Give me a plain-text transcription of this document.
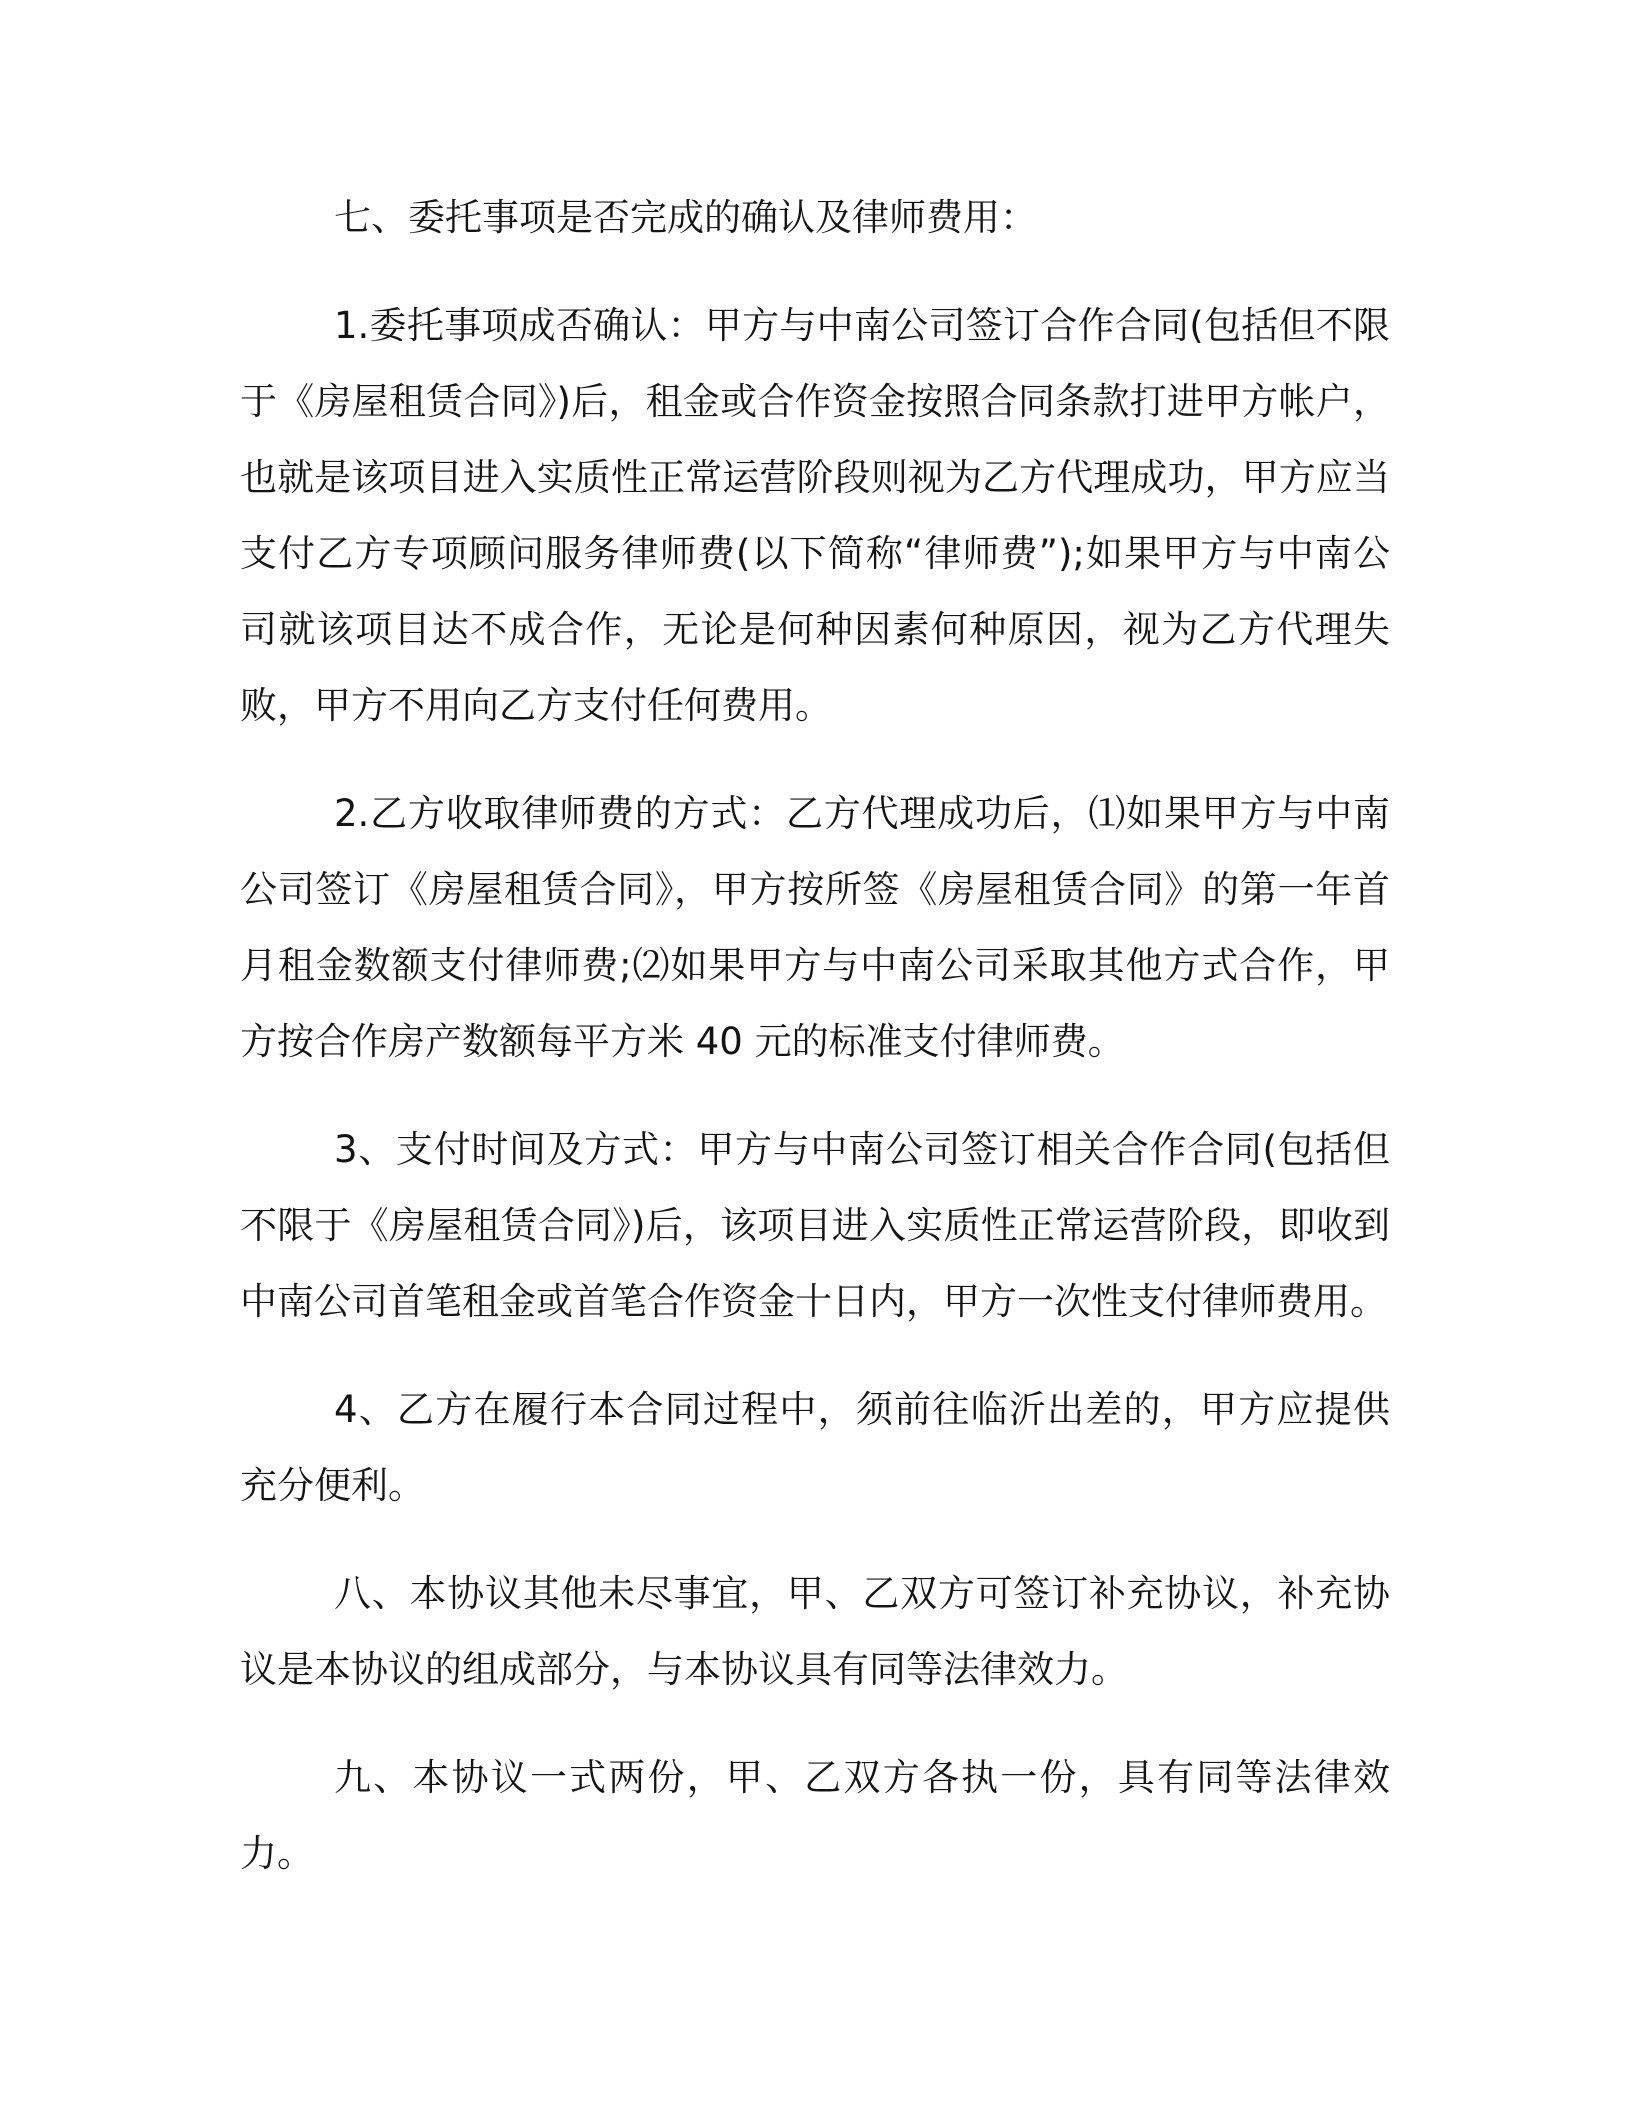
七、委托事项是否完成的确认及律师费用：

1.委托事项成否确认：甲方与中南公司签订合作合同(包括但不限于《房屋租赁合同》)后，租金或合作资金按照合同条款打进甲方帐户，也就是该项目进入实质性正常运营阶段则视为乙方代理成功，甲方应当支付乙方专项顾问服务律师费(以下简称“律师费”);如果甲方与中南公司就该项目达不成合作，无论是何种因素何种原因，视为乙方代理失败，甲方不用向乙方支付任何费用。

2.乙方收取律师费的方式：乙方代理成功后，⑴如果甲方与中南公司签订《房屋租赁合同》，甲方按所签《房屋租赁合同》的第一年首月租金数额支付律师费;⑵如果甲方与中南公司采取其他方式合作，甲方按合作房产数额每平方米 40 元的标准支付律师费。

3、支付时间及方式：甲方与中南公司签订相关合作合同(包括但不限于《房屋租赁合同》)后，该项目进入实质性正常运营阶段，即收到中南公司首笔租金或首笔合作资金十日内，甲方一次性支付律师费用。

4、乙方在履行本合同过程中，须前往临沂出差的，甲方应提供充分便利。

八、本协议其他未尽事宜，甲、乙双方可签订补充协议，补充协议是本协议的组成部分，与本协议具有同等法律效力。

九、本协议一式两份，甲、乙双方各执一份，具有同等法律效力。
